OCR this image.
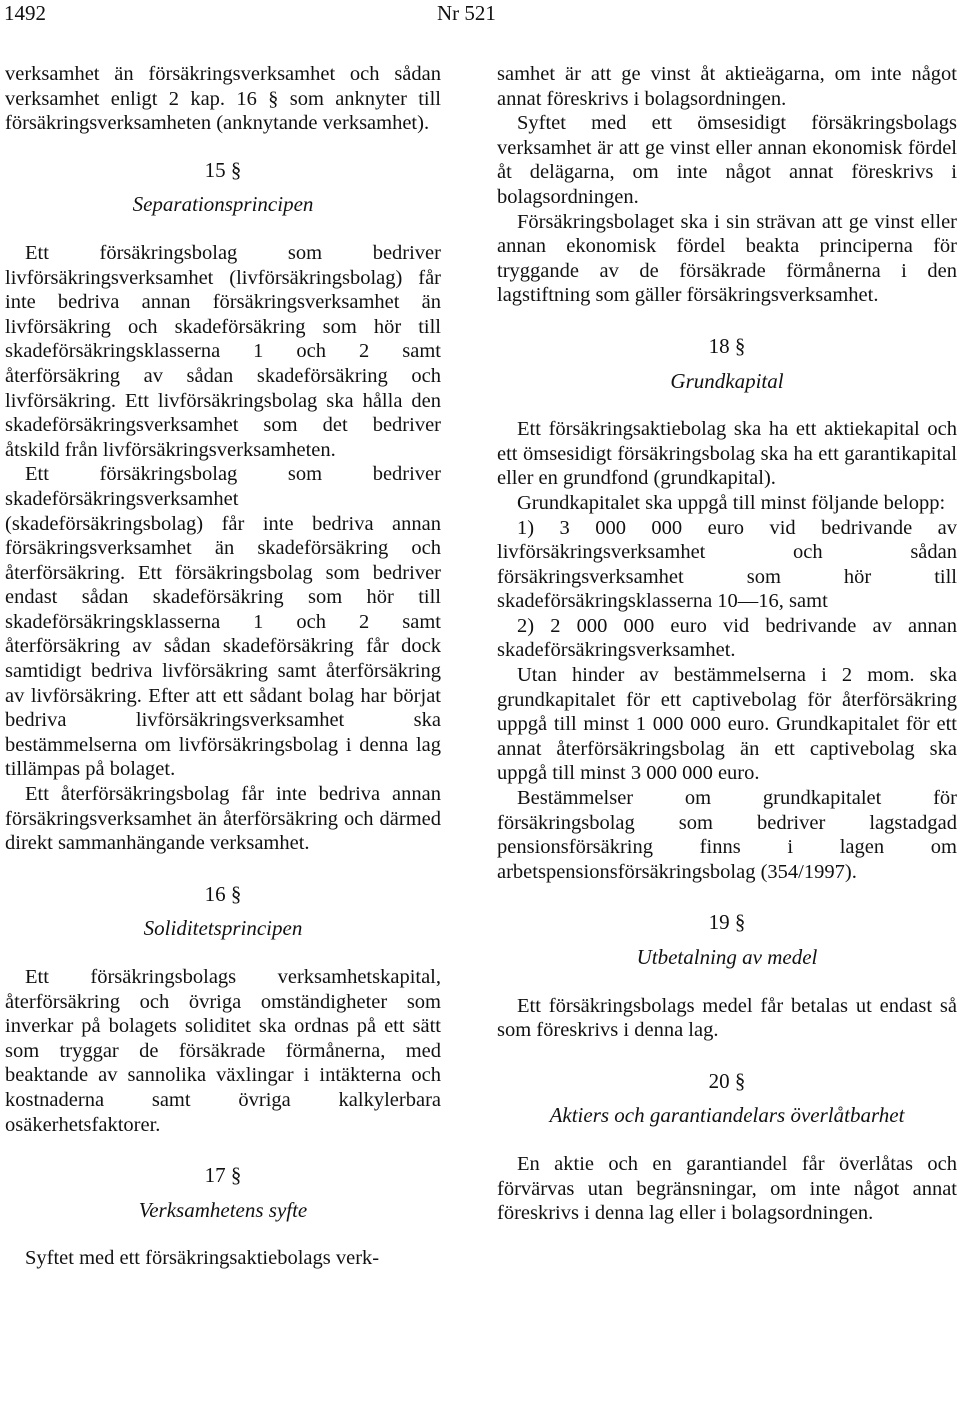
1492	Nr 521

verksamhet än försäkringsverksamhet och sådan verksamhet enligt 2 kap. 16 § som anknyter till försäkringsverksamheten (anknytande verksamhet).

15 §
Separationsprincipen

Ett försäkringsbolag som bedriver livförsäkringsverksamhet (livförsäkringsbolag) får inte bedriva annan försäkringsverksamhet än livförsäkring och skadeförsäkring som hör till skadeförsäkringsklasserna 1 och 2 samt återförsäkring av sådan skadeförsäkring och livförsäkring. Ett livförsäkringsbolag ska hålla den skadeförsäkringsverksamhet som det bedriver åtskild från livförsäkringsverksamheten.

Ett försäkringsbolag som bedriver skadeförsäkringsverksamhet (skadeförsäkringsbolag) får inte bedriva annan försäkringsverksamhet än skadeförsäkring och återförsäkring. Ett försäkringsbolag som bedriver endast sådan skadeförsäkring som hör till skadeförsäkringsklasserna 1 och 2 samt återförsäkring av sådan skadeförsäkring får dock samtidigt bedriva livförsäkring samt återförsäkring av livförsäkring. Efter att ett sådant bolag har börjat bedriva livförsäkringsverksamhet ska bestämmelserna om livförsäkringsbolag i denna lag tillämpas på bolaget.

Ett återförsäkringsbolag får inte bedriva annan försäkringsverksamhet än återförsäkring och därmed direkt sammanhängande verksamhet.

16 §
Soliditetsprincipen

Ett försäkringsbolags verksamhetskapital, återförsäkring och övriga omständigheter som inverkar på bolagets soliditet ska ordnas på ett sätt som tryggar de försäkrade förmånerna, med beaktande av sannolika växlingar i intäkterna och kostnaderna samt övriga kalkylerbara osäkerhetsfaktorer.

17 §
Verksamhetens syfte

Syftet med ett försäkringsaktiebolags verk-

samhet är att ge vinst åt aktieägarna, om inte något annat föreskrivs i bolagsordningen.

Syftet med ett ömsesidigt försäkringsbolags verksamhet är att ge vinst eller annan ekonomisk fördel åt delägarna, om inte något annat föreskrivs i bolagsordningen.

Försäkringsbolaget ska i sin strävan att ge vinst eller annan ekonomisk fördel beakta principerna för tryggande av de försäkrade förmånerna i den lagstiftning som gäller försäkringsverksamhet.

18 §
Grundkapital

Ett försäkringsaktiebolag ska ha ett aktiekapital och ett ömsesidigt försäkringsbolag ska ha ett garantikapital eller en grundfond (grundkapital).

Grundkapitalet ska uppgå till minst följande belopp:

1) 3 000 000 euro vid bedrivande av livförsäkringsverksamhet och sådan försäkringsverksamhet som hör till skadeförsäkringsklasserna 10—16, samt

2) 2 000 000 euro vid bedrivande av annan skadeförsäkringsverksamhet.

Utan hinder av bestämmelserna i 2 mom. ska grundkapitalet för ett captivebolag för återförsäkring uppgå till minst 1 000 000 euro. Grundkapitalet för ett annat återförsäkringsbolag än ett captivebolag ska uppgå till minst 3 000 000 euro.

Bestämmelser om grundkapitalet för försäkringsbolag som bedriver lagstadgad pensionsförsäkring finns i lagen om arbetspensionsförsäkringsbolag (354/1997).

19 §
Utbetalning av medel

Ett försäkringsbolags medel får betalas ut endast så som föreskrivs i denna lag.

20 §
Aktiers och garantiandelars överlåtbarhet

En aktie och en garantiandel får överlåtas och förvärvas utan begränsningar, om inte något annat föreskrivs i denna lag eller i bolagsordningen.
